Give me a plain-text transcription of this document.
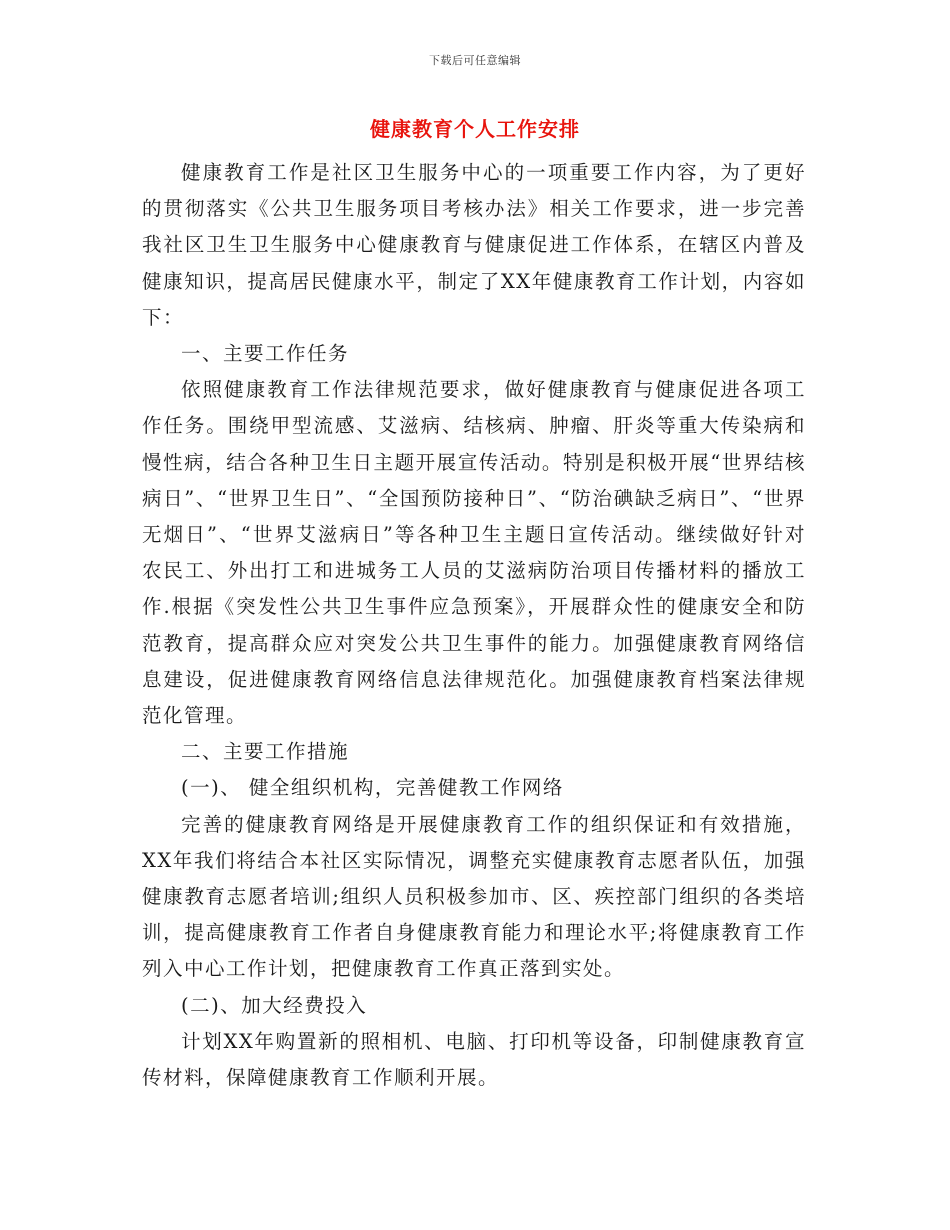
下载后可任意编辑
健康教育个人工作安排

健康教育工作是社区卫生服务中心的一项重要工作内容，为了更好的贯彻落实《公共卫生服务项目考核办法》相关工作要求，进一步完善我社区卫生卫生服务中心健康教育与健康促进工作体系，在辖区内普及健康知识，提高居民健康水平，制定了XX年健康教育工作计划，内容如下：

一、主要工作任务

依照健康教育工作法律规范要求，做好健康教育与健康促进各项工作任务。围绕甲型流感、艾滋病、结核病、肿瘤、肝炎等重大传染病和慢性病，结合各种卫生日主题开展宣传活动。特别是积极开展“世界结核病日”、“世界卫生日”、“全国预防接种日”、“防治碘缺乏病日”、“世界无烟日”、“世界艾滋病日”等各种卫生主题日宣传活动。继续做好针对农民工、外出打工和进城务工人员的艾滋病防治项目传播材料的播放工作.根据《突发性公共卫生事件应急预案》，开展群众性的健康安全和防范教育，提高群众应对突发公共卫生事件的能力。加强健康教育网络信息建设，促进健康教育网络信息法律规范化。加强健康教育档案法律规范化管理。

二、主要工作措施

(一)、 健全组织机构，完善健教工作网络

完善的健康教育网络是开展健康教育工作的组织保证和有效措施，XX年我们将结合本社区实际情况，调整充实健康教育志愿者队伍，加强健康教育志愿者培训;组织人员积极参加市、区、疾控部门组织的各类培训，提高健康教育工作者自身健康教育能力和理论水平;将健康教育工作列入中心工作计划，把健康教育工作真正落到实处。

(二)、加大经费投入

计划XX年购置新的照相机、电脑、打印机等设备，印制健康教育宣传材料，保障健康教育工作顺利开展。
